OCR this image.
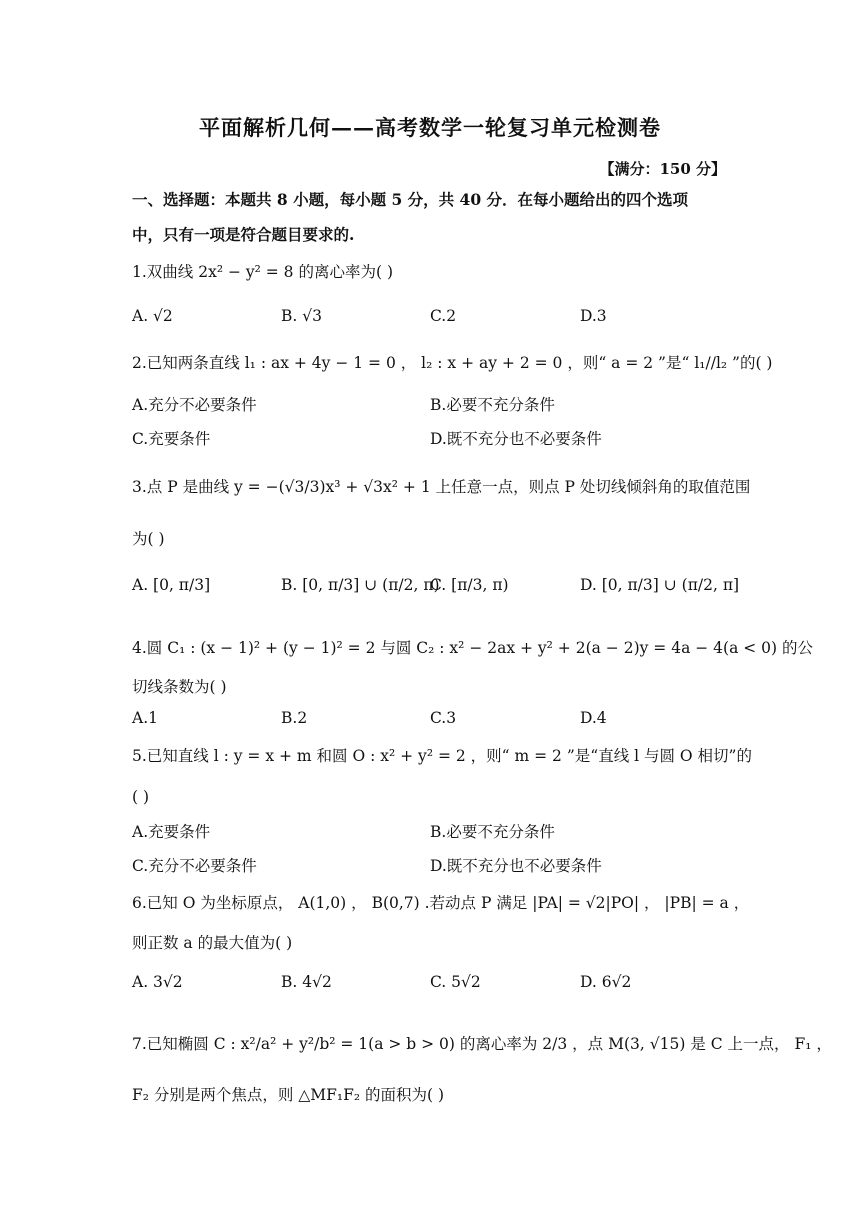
平面解析几何——高考数学一轮复习单元检测卷
【满分：150 分】
一、选择题：本题共 8 小题，每小题 5 分，共 40 分．在每小题给出的四个选项
中，只有一项是符合题目要求的.
1.双曲线 2x² − y² = 8 的离心率为( )
A. √2	B. √3	C.2	D.3
2.已知两条直线 l₁ : ax + 4y − 1 = 0 ， l₂ : x + ay + 2 = 0 ，则“ a = 2 ”是“ l₁//l₂ ”的( )
A.充分不必要条件	B.必要不充分条件
C.充要条件	D.既不充分也不必要条件
3.点 P 是曲线 y = −(√3/3)x³ + √3x² + 1 上任意一点，则点 P 处切线倾斜角的取值范围
为( )
A. [0, π/3]	B. [0, π/3] ∪ (π/2, π)
C. [π/3, π)	D. [0, π/3] ∪ (π/2, π]
4.圆 C₁ : (x − 1)² + (y − 1)² = 2 与圆 C₂ : x² − 2ax + y² + 2(a − 2)y = 4a − 4(a < 0) 的公
切线条数为( )
A.1	B.2	C.3	D.4
5.已知直线 l : y = x + m 和圆 O : x² + y² = 2 ，则“ m = 2 ”是“直线 l 与圆 O 相切”的
( )
A.充要条件	B.必要不充分条件
C.充分不必要条件	D.既不充分也不必要条件
6.已知 O 为坐标原点， A(1,0) ， B(0,7) .若动点 P 满足 |PA| = √2|PO| ， |PB| = a ，
则正数 a 的最大值为( )
A. 3√2	B. 4√2	C. 5√2	D. 6√2
7.已知椭圆 C : x²/a² + y²/b² = 1(a > b > 0) 的离心率为 2/3 ，点 M(3, √15) 是 C 上一点， F₁ ，
F₂ 分别是两个焦点，则 △MF₁F₂ 的面积为( )
